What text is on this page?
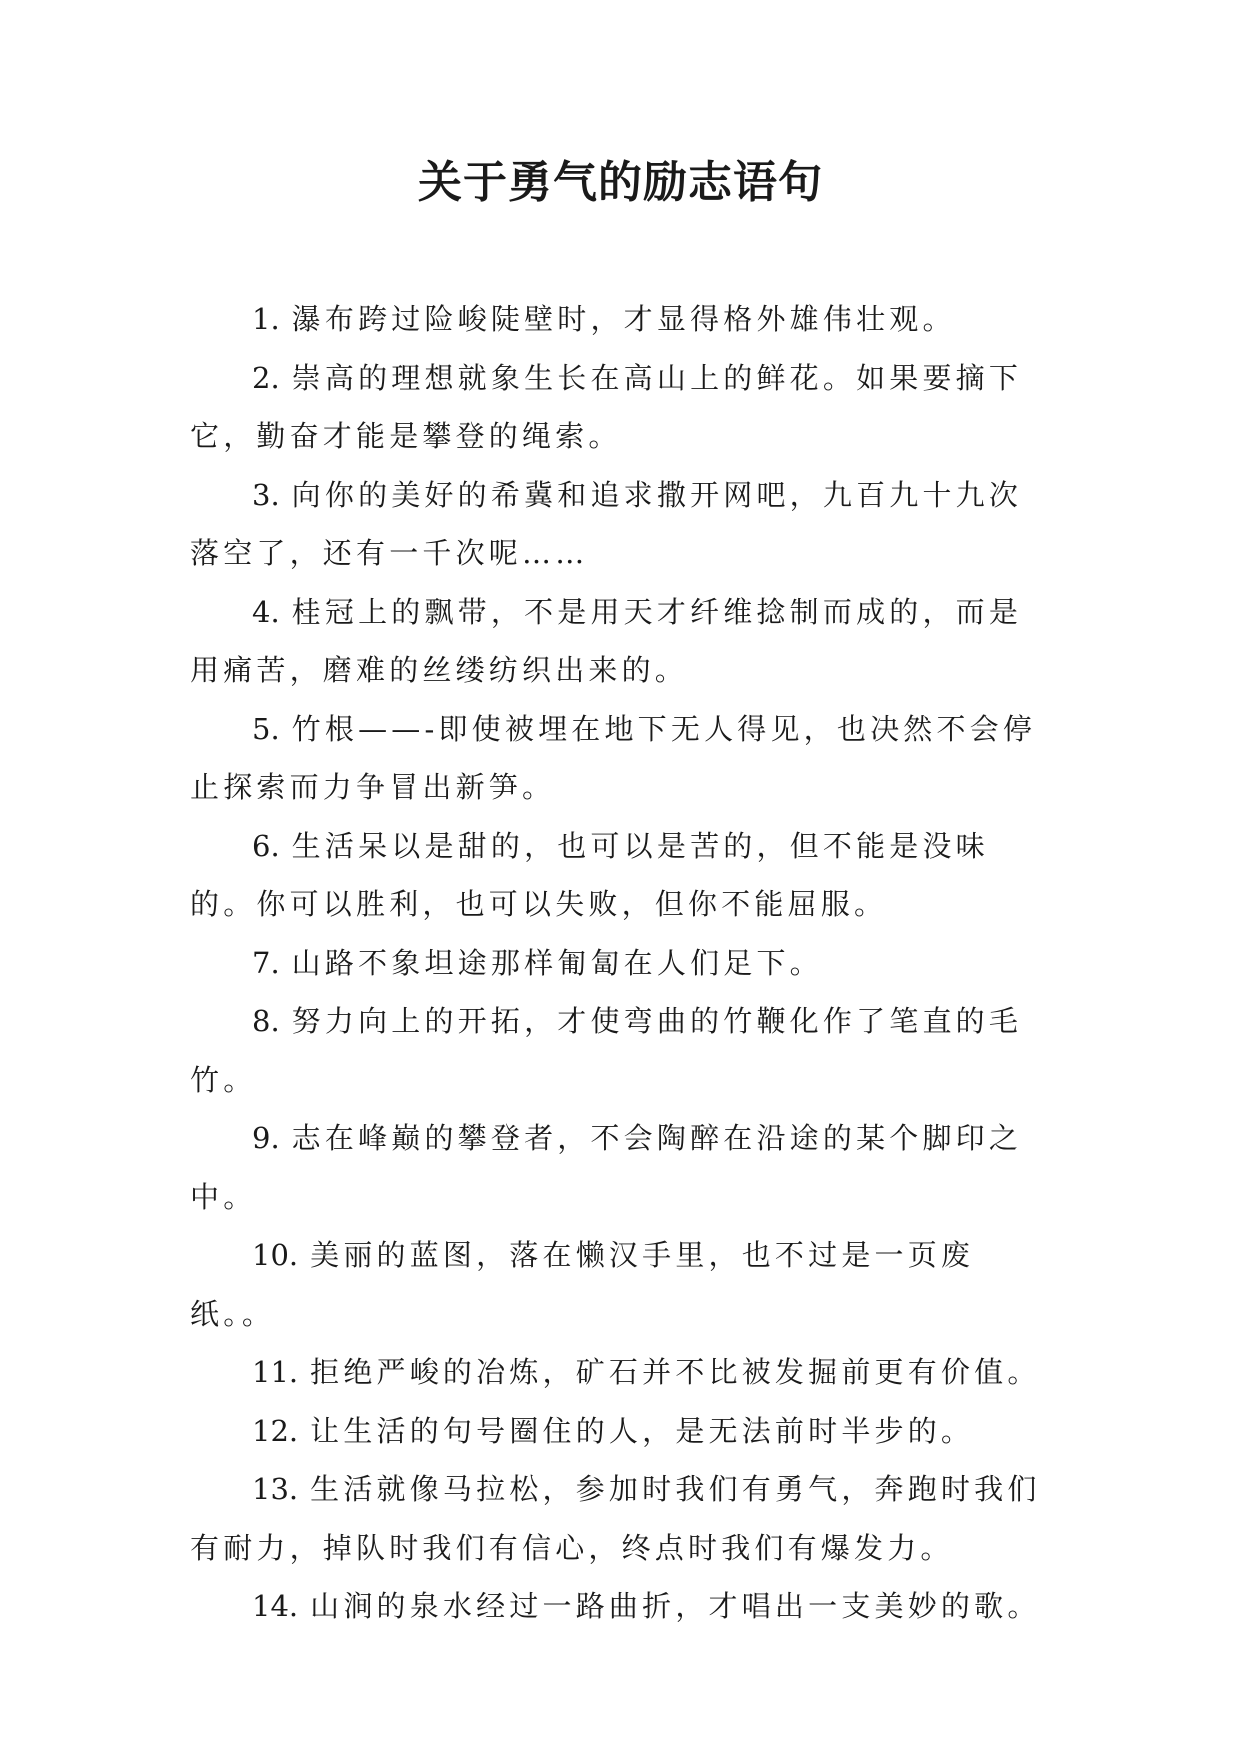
关于勇气的励志语句

1. 瀑布跨过险峻陡壁时，才显得格外雄伟壮观。

2. 崇高的理想就象生长在高山上的鲜花。如果要摘下它，勤奋才能是攀登的绳索。

3. 向你的美好的希冀和追求撒开网吧，九百九十九次落空了，还有一千次呢……

4. 桂冠上的飘带，不是用天才纤维捻制而成的，而是用痛苦，磨难的丝缕纺织出来的。

5. 竹根——-即使被埋在地下无人得见，也决然不会停止探索而力争冒出新笋。

6. 生活呆以是甜的，也可以是苦的，但不能是没味的。你可以胜利，也可以失败，但你不能屈服。

7. 山路不象坦途那样匍匐在人们足下。

8. 努力向上的开拓，才使弯曲的竹鞭化作了笔直的毛竹。

9. 志在峰巅的攀登者，不会陶醉在沿途的某个脚印之中。

10. 美丽的蓝图，落在懒汉手里，也不过是一页废纸。。

11. 拒绝严峻的冶炼，矿石并不比被发掘前更有价值。

12. 让生活的句号圈住的人，是无法前时半步的。

13. 生活就像马拉松，参加时我们有勇气，奔跑时我们有耐力，掉队时我们有信心，终点时我们有爆发力。

14. 山涧的泉水经过一路曲折，才唱出一支美妙的歌。
